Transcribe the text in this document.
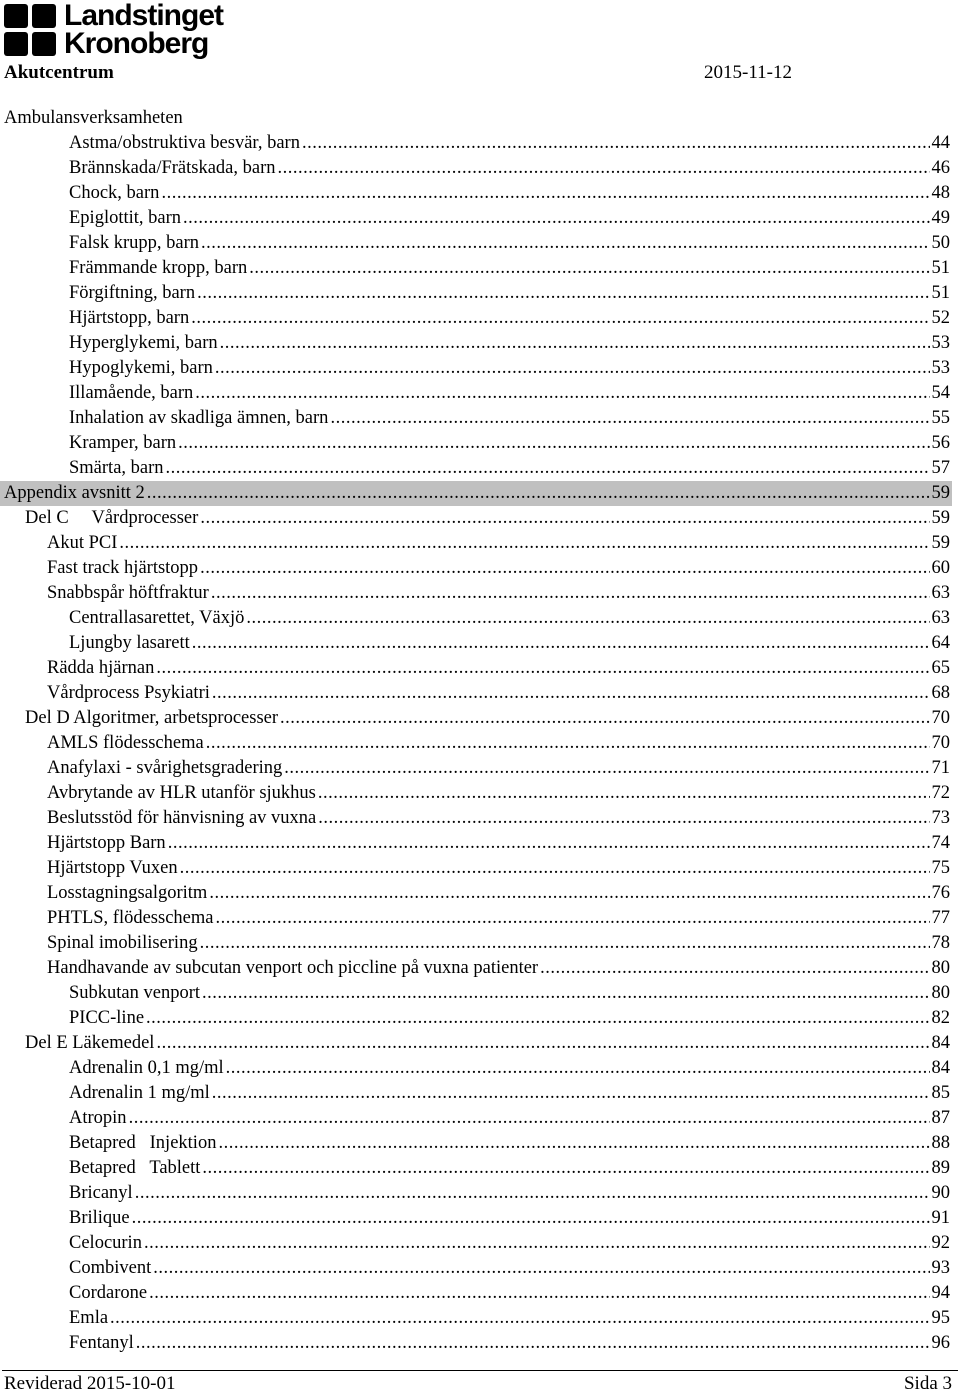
Landstinget
Kronoberg
Akutcentrum	2015-11-12
Ambulansverksamheten
Astma/obstruktiva besvär, barn .....	44
Brännskada/Frätskada, barn .....	46
Chock, barn .....	48
Epiglottit, barn .....	49
Falsk krupp, barn .....	50
Främmande kropp, barn .....	51
Förgiftning, barn .....	51
Hjärtstopp, barn .....	52
Hyperglykemi, barn .....	53
Hypoglykemi, barn .....	53
Illamående, barn .....	54
Inhalation av skadliga ämnen, barn .....	55
Kramper, barn .....	56
Smärta, barn .....	57
Appendix avsnitt 2 .....	59
Del C     Vårdprocesser .....	59
Akut PCI .....	59
Fast track hjärtstopp .....	60
Snabbspår höftfraktur .....	63
Centrallasarettet, Växjö .....	63
Ljungby lasarett .....	64
Rädda hjärnan .....	65
Vårdprocess Psykiatri .....	68
Del D Algoritmer, arbetsprocesser .....	70
AMLS flödesschema .....	70
Anafylaxi - svårighetsgradering .....	71
Avbrytande av HLR utanför sjukhus .....	72
Beslutsstöd för hänvisning av vuxna .....	73
Hjärtstopp Barn .....	74
Hjärtstopp Vuxen .....	75
Losstagningsalgoritm .....	76
PHTLS, flödesschema .....	77
Spinal imobilisering .....	78
Handhavande av subcutan venport och piccline på vuxna patienter .....	80
Subkutan venport .....	80
PICC-line .....	82
Del E Läkemedel .....	84
Adrenalin 0,1 mg/ml .....	84
Adrenalin 1 mg/ml .....	85
Atropin .....	87
Betapred   Injektion .....	88
Betapred   Tablett .....	89
Bricanyl .....	90
Brilique .....	91
Celocurin .....	92
Combivent .....	93
Cordarone .....	94
Emla .....	95
Fentanyl .....	96
Reviderad 2015-10-01	Sida 3
